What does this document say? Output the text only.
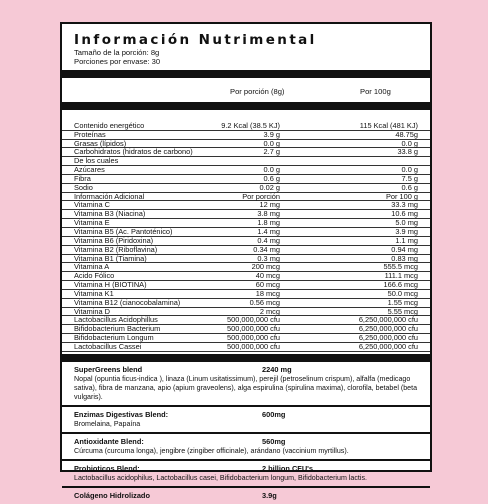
Información Nutrimental
Tamaño de la porción: 8g
Porciones por envase: 30
Por porción (8g)	Por 100g
Contenido energético	9.2 Kcal (38.5 KJ)	115 Kcal (481 KJ)
Proteínas	3.9 g	48.75g
Grasas (lípidos)	0.0 g	0.0 g
Carbohidratos (hidratos de carbono)	2.7 g	33.8 g
De los cuales
Azúcares	0.0 g	0.0 g
Fibra	0.6 g	7.5 g
Sodio	0.02 g	0.6 g
Información Adicional	Por porción	Por 100 g
Vitamina C	12 mg	33.3 mg
Vitamina B3 (Niacina)	3.8 mg	10.6 mg
Vitamina E	1.8 mg	5.0 mg
Vitamina B5 (Ac. Pantoténico)	1.4 mg	3.9 mg
Vitamina B6 (Piridoxina)	0.4 mg	1.1 mg
Vitamina B2 (Riboflavina)	0.34 mg	0.94 mg
Vitamina B1 (Tiamina)	0.3 mg	0.83 mg
Vitamina A	200 mcg	555.5 mcg
Acido Fólico	40 mcg	111.1 mcg
Vitamina H (BIOTINA)	60 mcg	166.6 mcg
Vitamina K1	18 mcg	50.0 mcg
Vitamina B12 (cianocobalamina)	0.56 mcg	1.55 mcg
Vitamina D	2 mcg	5.55 mcg
Lactobacillus Acidophillus	500,000,000 cfu	6,250,000,000 cfu
Bifidobacterium Bacterium	500,000,000 cfu	6,250,000,000 cfu
Bifidobacterium Longum	500,000,000 cfu	6,250,000,000 cfu
Lactobacillus Cassei	500,000,000 cfu	6,250,000,000 cfu
SuperGreens blend	2240 mg
Nopal (opuntia ficus-indica ), linaza (Linum usitatissimum), perejil (petroselinum crispum), alfalfa (medicago sativa), fibra de manzana, apio (apium graveolens), alga espirulina (spirulina maxima), clorofila, betabel (beta vulgaris).
Enzimas Digestivas Blend:	600mg
Bromelaina, Papaína
Antioxidante Blend:	560mg
Cúrcuma (curcuma longa), jengibre (zingiber officinale), arándano (vaccinium myrtillus).
Probioticos Blend:	2 billion CFU's
Lactobacillus acidophilus, Lactobacillus casei, Bifidobacterium longum, Bifidobacterium lactis.
Colágeno Hidrolizado	3.9g
